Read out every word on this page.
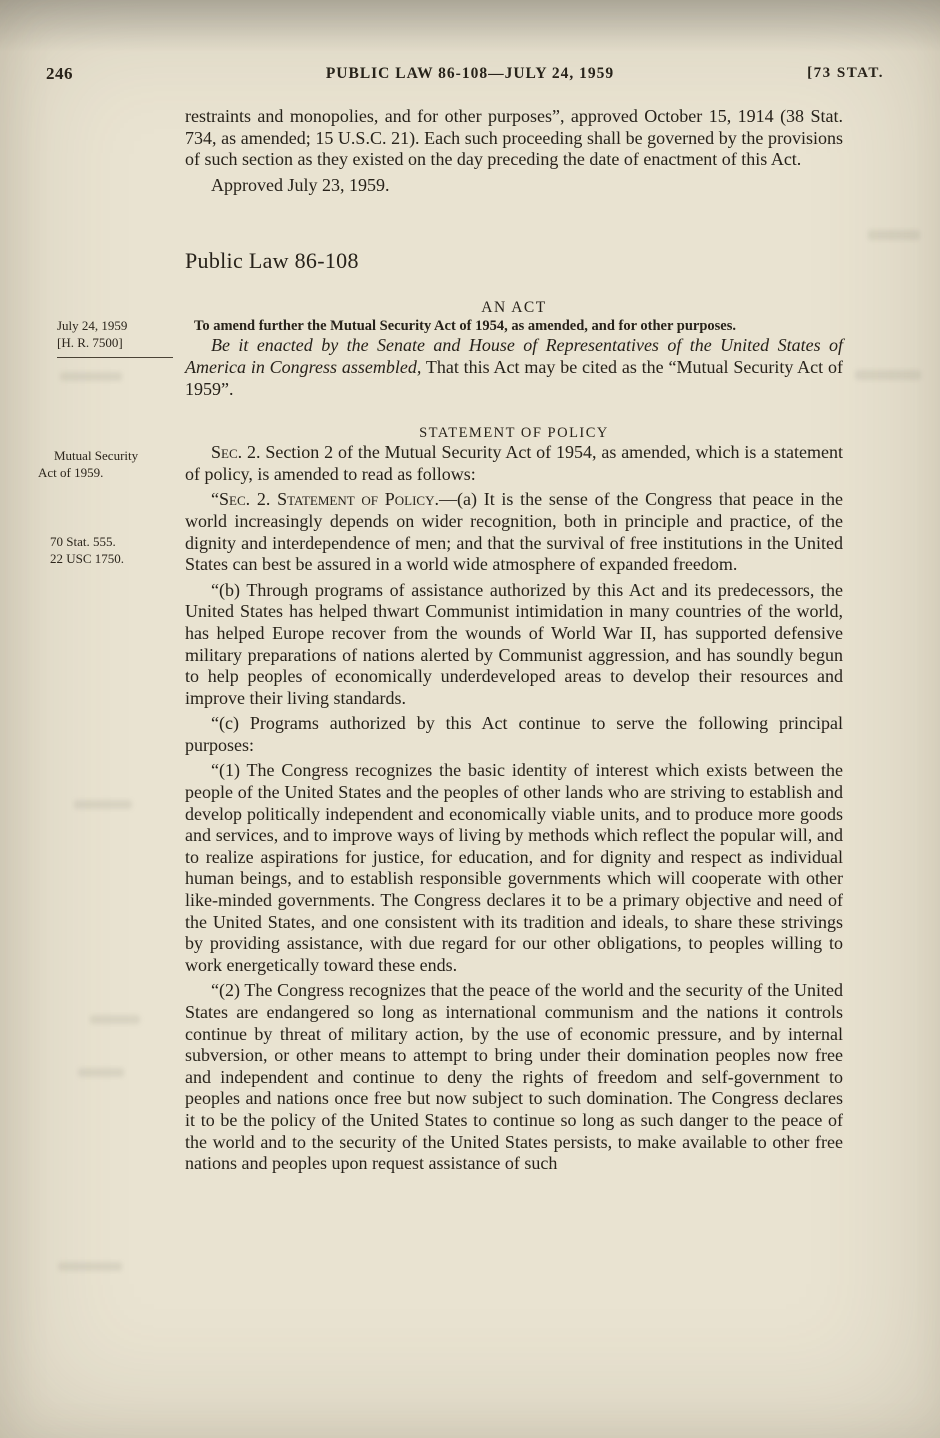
246	PUBLIC LAW 86-108—JULY 24, 1959	[73 STAT.
July 24, 1959
[H. R. 7500]
Mutual Security
Act of 1959.
70 Stat. 555.
22 USC 1750.

restraints and monopolies, and for other purposes”, approved October 15, 1914 (38 Stat. 734, as amended; 15 U.S.C. 21). Each such proceeding shall be governed by the provisions of such section as they existed on the day preceding the date of enactment of this Act.

Approved July 23, 1959.

Public Law 86-108
AN ACT

To amend further the Mutual Security Act of 1954, as amended, and for other purposes.

Be it enacted by the Senate and House of Representatives of the United States of America in Congress assembled, That this Act may be cited as the “Mutual Security Act of 1959”.

STATEMENT OF POLICY

Sec. 2. Section 2 of the Mutual Security Act of 1954, as amended, which is a statement of policy, is amended to read as follows:

“Sec. 2. Statement of Policy.—(a) It is the sense of the Congress that peace in the world increasingly depends on wider recognition, both in principle and practice, of the dignity and interdependence of men; and that the survival of free institutions in the United States can best be assured in a world wide atmosphere of expanded freedom.

“(b) Through programs of assistance authorized by this Act and its predecessors, the United States has helped thwart Communist intimidation in many countries of the world, has helped Europe recover from the wounds of World War II, has supported defensive military preparations of nations alerted by Communist aggression, and has soundly begun to help peoples of economically underdeveloped areas to develop their resources and improve their living standards.

“(c) Programs authorized by this Act continue to serve the following principal purposes:

“(1) The Congress recognizes the basic identity of interest which exists between the people of the United States and the peoples of other lands who are striving to establish and develop politically independent and economically viable units, and to produce more goods and services, and to improve ways of living by methods which reflect the popular will, and to realize aspirations for justice, for education, and for dignity and respect as individual human beings, and to establish responsible governments which will cooperate with other like-minded governments. The Congress declares it to be a primary objective and need of the United States, and one consistent with its tradition and ideals, to share these strivings by providing assistance, with due regard for our other obligations, to peoples willing to work energetically toward these ends.

“(2) The Congress recognizes that the peace of the world and the security of the United States are endangered so long as international communism and the nations it controls continue by threat of military action, by the use of economic pressure, and by internal subversion, or other means to attempt to bring under their domination peoples now free and independent and continue to deny the rights of freedom and self-government to peoples and nations once free but now subject to such domination. The Congress declares it to be the policy of the United States to continue so long as such danger to the peace of the world and to the security of the United States persists, to make available to other free nations and peoples upon request assistance of such
